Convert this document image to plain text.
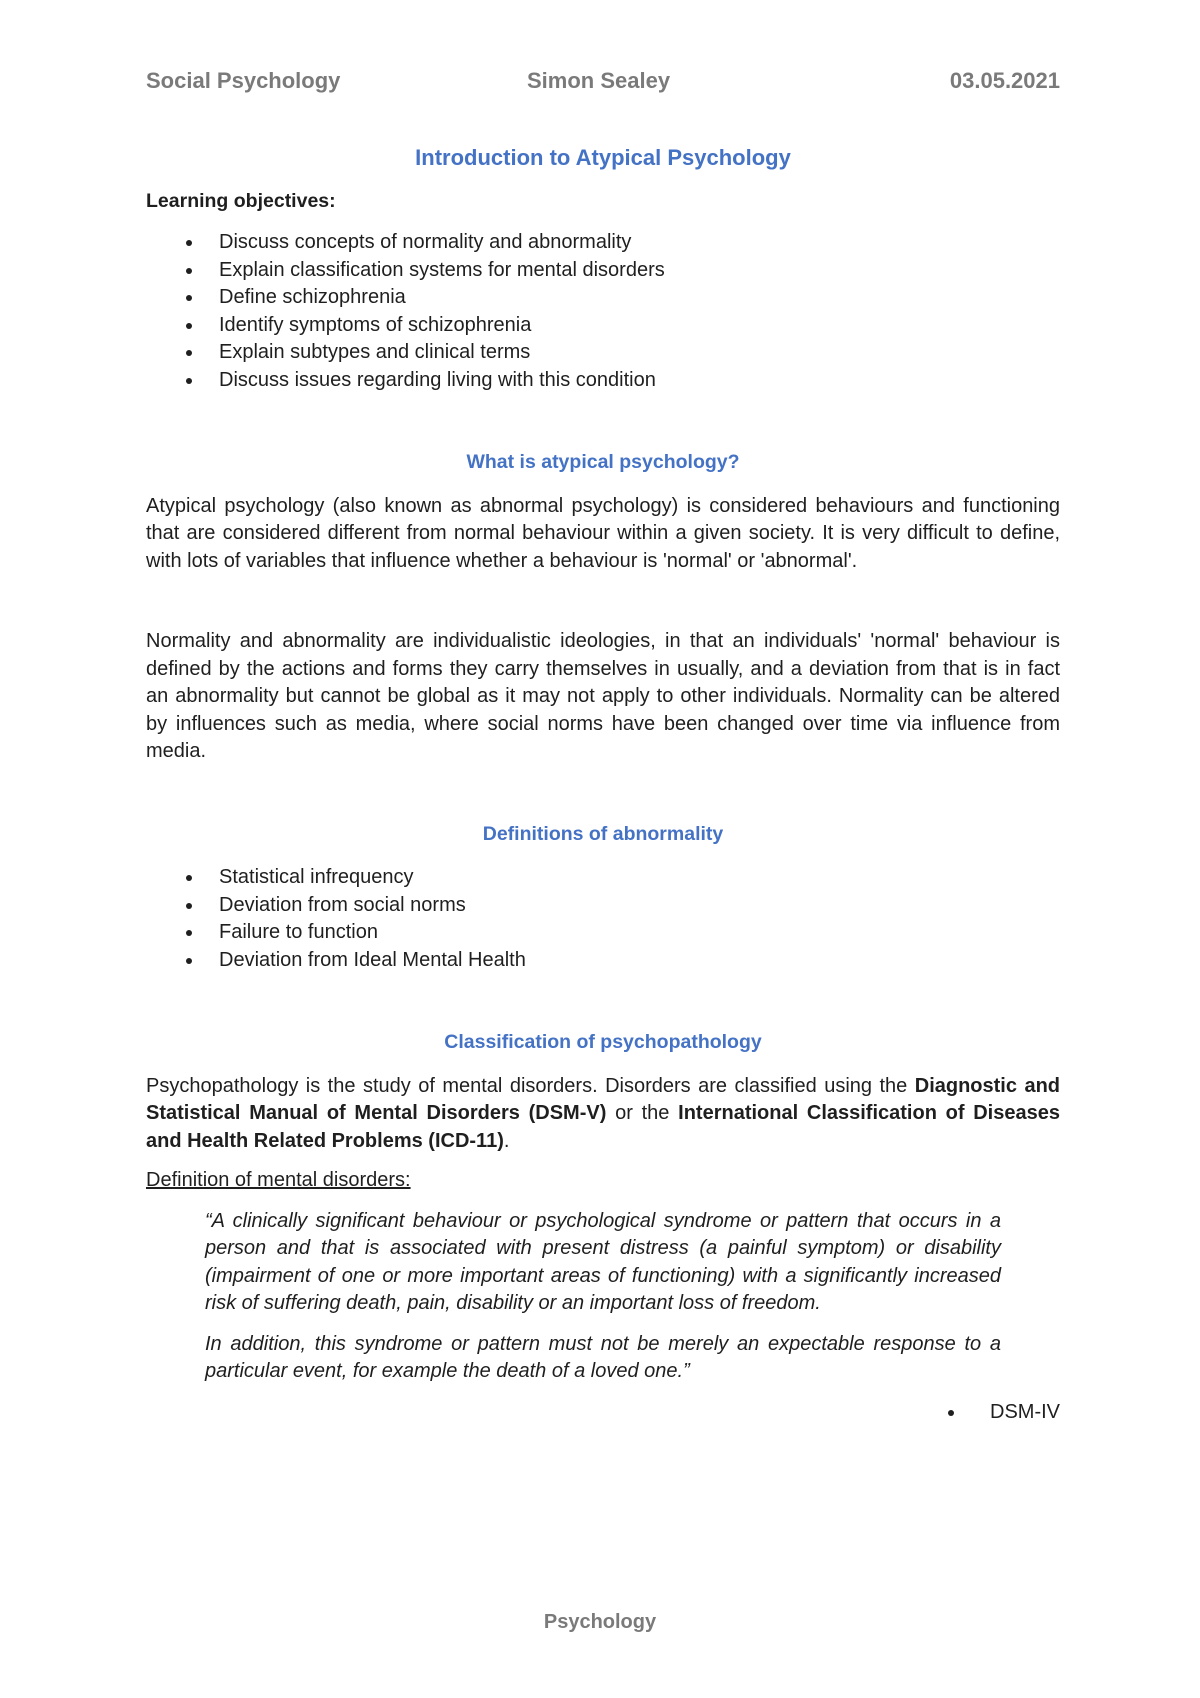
Social Psychology	Simon Sealey	03.05.2021
Introduction to Atypical Psychology
Learning objectives:
Discuss concepts of normality and abnormality
Explain classification systems for mental disorders
Define schizophrenia
Identify symptoms of schizophrenia
Explain subtypes and clinical terms
Discuss issues regarding living with this condition
What is atypical psychology?

Atypical psychology (also known as abnormal psychology) is considered behaviours and functioning that are considered different from normal behaviour within a given society. It is very difficult to define, with lots of variables that influence whether a behaviour is 'normal' or 'abnormal'.

Normality and abnormality are individualistic ideologies, in that an individuals' 'normal' behaviour is defined by the actions and forms they carry themselves in usually, and a deviation from that is in fact an abnormality but cannot be global as it may not apply to other individuals. Normality can be altered by influences such as media, where social norms have been changed over time via influence from media.

Definitions of abnormality
Statistical infrequency
Deviation from social norms
Failure to function
Deviation from Ideal Mental Health
Classification of psychopathology

Psychopathology is the study of mental disorders. Disorders are classified using the Diagnostic and Statistical Manual of Mental Disorders (DSM-V) or the International Classification of Diseases and Health Related Problems (ICD-11).

Definition of mental disorders:

“A clinically significant behaviour or psychological syndrome or pattern that occurs in a person and that is associated with present distress (a painful symptom) or disability (impairment of one or more important areas of functioning) with a significantly increased risk of suffering death, pain, disability or an important loss of freedom.

In addition, this syndrome or pattern must not be merely an expectable response to a particular event, for example the death of a loved one.”

DSM-IV
Psychology
